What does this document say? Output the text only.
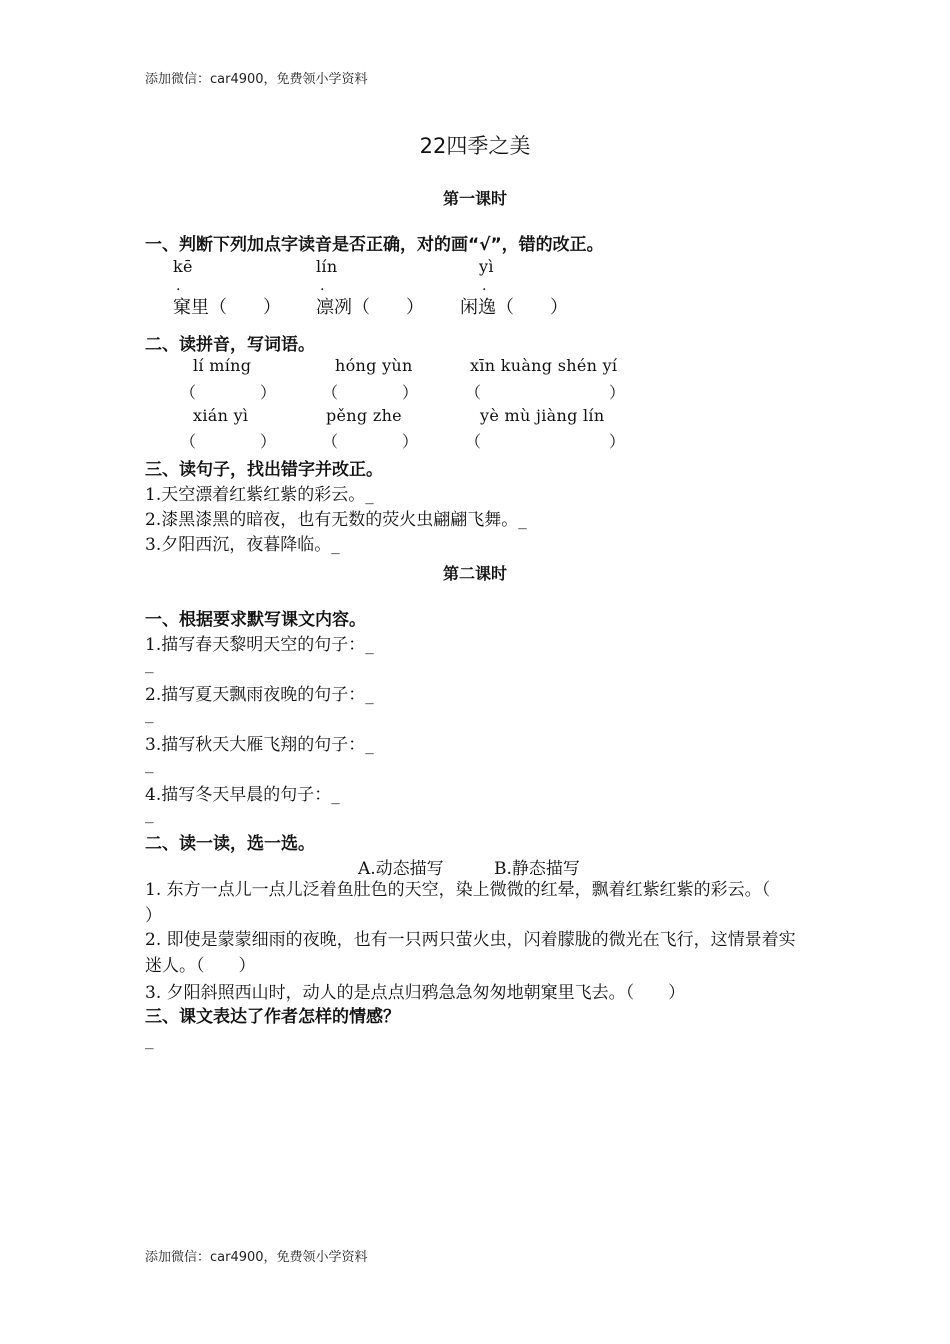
添加微信：car4900，免费领小学资料
22四季之美
第一课时
一、判断下列加点字读音是否正确，对的画“√”，错的改正。
kē
.
窠里（　　）
lín
.
凛冽（　　）
yì
.
闲逸（　　）
二、读拼音，写词语。
lí míng	hóng yùn	xīn kuàng shén yí
（　　　　）	（　　　　）	（　　　　　　　　）
xián yì	pěng zhe	yè mù jiàng lín
（　　　　）	（　　　　）	（　　　　　　　　）
三、读句子，找出错字并改正。
1.天空漂着红紫红紫的彩云。_
2.漆黑漆黑的暗夜，也有无数的荧火虫翩翩飞舞。_
3.夕阳西沉，夜暮降临。_
第二课时
一、根据要求默写课文内容。
1.描写春天黎明天空的句子：_
_
2.描写夏天飘雨夜晚的句子：_
_
3.描写秋天大雁飞翔的句子：_
_
4.描写冬天早晨的句子：_
_
二、读一读，选一选。
A.动态描写	B.静态描写
1. 东方一点儿一点儿泛着鱼肚色的天空，染上微微的红晕，飘着红紫红紫的彩云。（　　）
2. 即使是蒙蒙细雨的夜晚，也有一只两只萤火虫，闪着朦胧的微光在飞行，这情景着实迷人。（　　）
3. 夕阳斜照西山时，动人的是点点归鸦急急匆匆地朝窠里飞去。（　　）
三、课文表达了作者怎样的情感？
_
添加微信：car4900，免费领小学资料
